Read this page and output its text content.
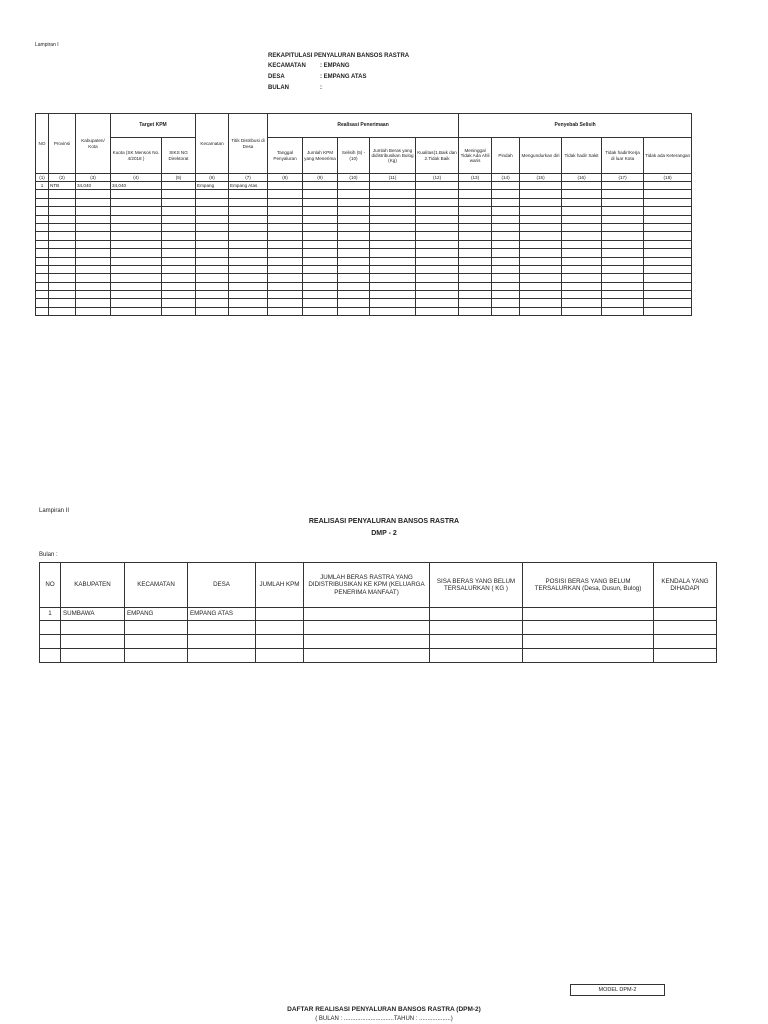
Lampiran I
REKAPITULASI PENYALURAN BANSOS RASTRA
KECAMATAN	: EMPANG
DESA	: EMPANG ATAS
BULAN	:
NO	Provinsi	Kabupaten/ Kota	Target KPM		Kecamatan	Titik Distribusi di Desa	Realisasi Penerimaan					Penyebab Selisih					
			Kuota (SK Mensos No. 4/2018 )	SIKS NG Direktorat			Tanggal Penyaluran	Jumlah KPM yang Menerima	Selisih (5) - (10)	Jumlah Beras yang didistribusikan Bulog (Kg)	Kualitas(1.Baik dan 2.Tidak Baik	Meninggal Tidak Ada Ahli waris	Pindah	Mengundurkan diri	Tidak hadir Sakit	Tidak hadir/Kerja di luar Kota	Tidak ada Keterangan
(1)	(2)	(3)	(4)	(5)	(6)	(7)	(8)	(9)	(10)	(11)	(12)	(13)	(14)	(15)	(16)	(17)	(18)
1	NTB	34,040	34,040		Empang	Empang Atas											

Lampiran II
REALISASI PENYALURAN BANSOS RASTRA
DMP - 2
Bulan :
NO	KABUPATEN	KECAMATAN	DESA	JUMLAH KPM	JUMLAH BERAS RASTRA YANG DIDISTRIBUSIKAN KE KPM (KELUARGA PENERIMA MANFAAT)	SISA BERAS YANG BELUM TERSALURKAN ( KG )	POSISI BERAS YANG BELUM TERSALURKAN (Desa, Dusun, Bulog)	KENDALA YANG DIHADAPI
1	SUMBAWA	EMPANG	EMPANG ATAS					

MODEL DPM-2
DAFTAR REALISASI PENYALURAN BANSOS RASTRA (DPM-2)
( BULAN : ..............................TAHUN : ...................)
